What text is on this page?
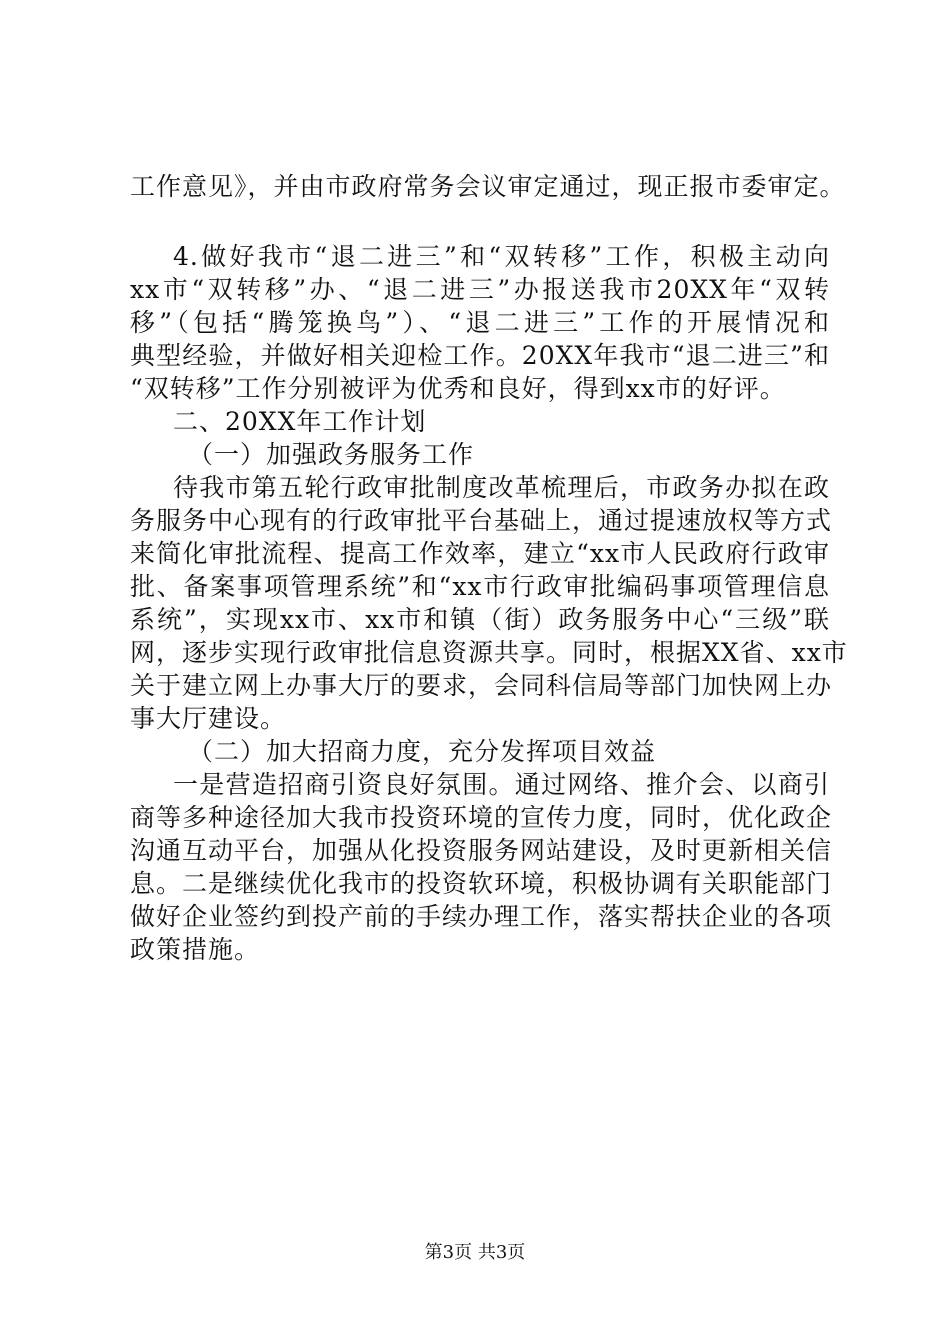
工作意见》，并由市政府常务会议审定通过，现正报市委审定。
4.做好我市“退二进三”和“双转移”工作，积极主动向
xx市“双转移”办、“退二进三”办报送我市20XX年“双转
移”（包括“腾笼换鸟”）、“退二进三”工作的开展情况和
典型经验，并做好相关迎检工作。20XX年我市“退二进三”和
“双转移”工作分别被评为优秀和良好，得到xx市的好评。
二、20XX年工作计划
（一）加强政务服务工作
待我市第五轮行政审批制度改革梳理后，市政务办拟在政
务服务中心现有的行政审批平台基础上，通过提速放权等方式
来简化审批流程、提高工作效率，建立“xx市人民政府行政审
批、备案事项管理系统”和“xx市行政审批编码事项管理信息
系统”，实现xx市、xx市和镇（街）政务服务中心“三级”联
网，逐步实现行政审批信息资源共享。同时，根据XX省、xx市
关于建立网上办事大厅的要求，会同科信局等部门加快网上办
事大厅建设。
（二）加大招商力度，充分发挥项目效益
一是营造招商引资良好氛围。通过网络、推介会、以商引
商等多种途径加大我市投资环境的宣传力度，同时，优化政企
沟通互动平台，加强从化投资服务网站建设，及时更新相关信
息。二是继续优化我市的投资软环境，积极协调有关职能部门
做好企业签约到投产前的手续办理工作，落实帮扶企业的各项
政策措施。
第3页 共3页
